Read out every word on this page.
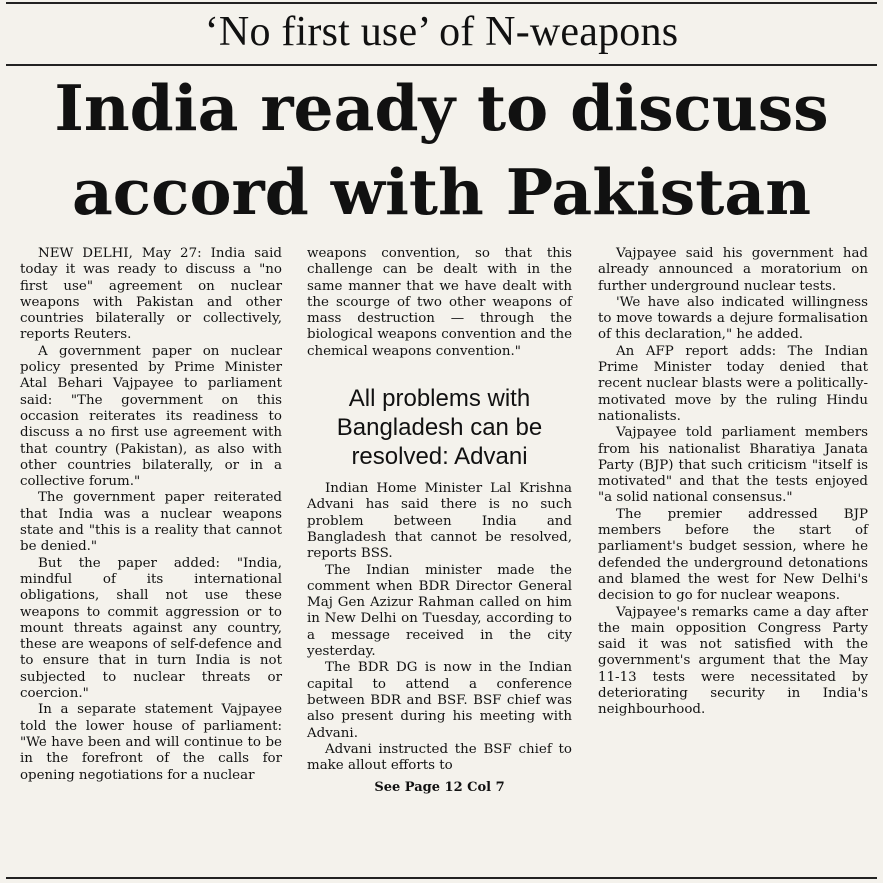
‘No first use’ of N-weapons
India ready to discuss
accord with Pakistan

NEW DELHI, May 27: India said today it was ready to discuss a "no first use" agreement on nuclear weapons with Pakistan and other countries bilaterally or collectively, reports Reuters.

A government paper on nuclear policy presented by Prime Minister Atal Behari Vajpayee to parliament said: "The government on this occasion reiterates its readiness to discuss a no first use agreement with that country (Pakistan), as also with other countries bilaterally, or in a collective forum."

The government paper reiterated that India was a nuclear weapons state and "this is a reality that cannot be denied."

But the paper added: "India, mindful of its international obligations, shall not use these weapons to commit aggression or to mount threats against any country, these are weapons of self-defence and to ensure that in turn India is not subjected to nuclear threats or coercion."

In a separate statement Vajpayee told the lower house of parliament: "We have been and will continue to be in the forefront of the calls for opening negotiations for a nuclear

weapons convention, so that this challenge can be dealt with in the same manner that we have dealt with the scourge of two other weapons of mass destruction — through the biological weapons convention and the chemical weapons convention."

All problems with Bangladesh can be resolved: Advani

Indian Home Minister Lal Krishna Advani has said there is no such problem between India and Bangladesh that cannot be resolved, reports BSS.

The Indian minister made the comment when BDR Director General Maj Gen Azizur Rahman called on him in New Delhi on Tuesday, according to a message received in the city yesterday.

The BDR DG is now in the Indian capital to attend a conference between BDR and BSF. BSF chief was also present during his meeting with Advani.

Advani instructed the BSF chief to make allout efforts to

See Page 12 Col 7

Vajpayee said his government had already announced a moratorium on further underground nuclear tests.

'We have also indicated willingness to move towards a dejure formalisation of this declaration," he added.

An AFP report adds: The Indian Prime Minister today denied that recent nuclear blasts were a politically-motivated move by the ruling Hindu nationalists.

Vajpayee told parliament members from his nationalist Bharatiya Janata Party (BJP) that such criticism "itself is motivated" and that the tests enjoyed "a solid national consensus."

The premier addressed BJP members before the start of parliament's budget session, where he defended the underground detonations and blamed the west for New Delhi's decision to go for nuclear weapons.

Vajpayee's remarks came a day after the main opposition Congress Party said it was not satisfied with the government's argument that the May 11-13 tests were necessitated by deteriorating security in India's neighbourhood.
